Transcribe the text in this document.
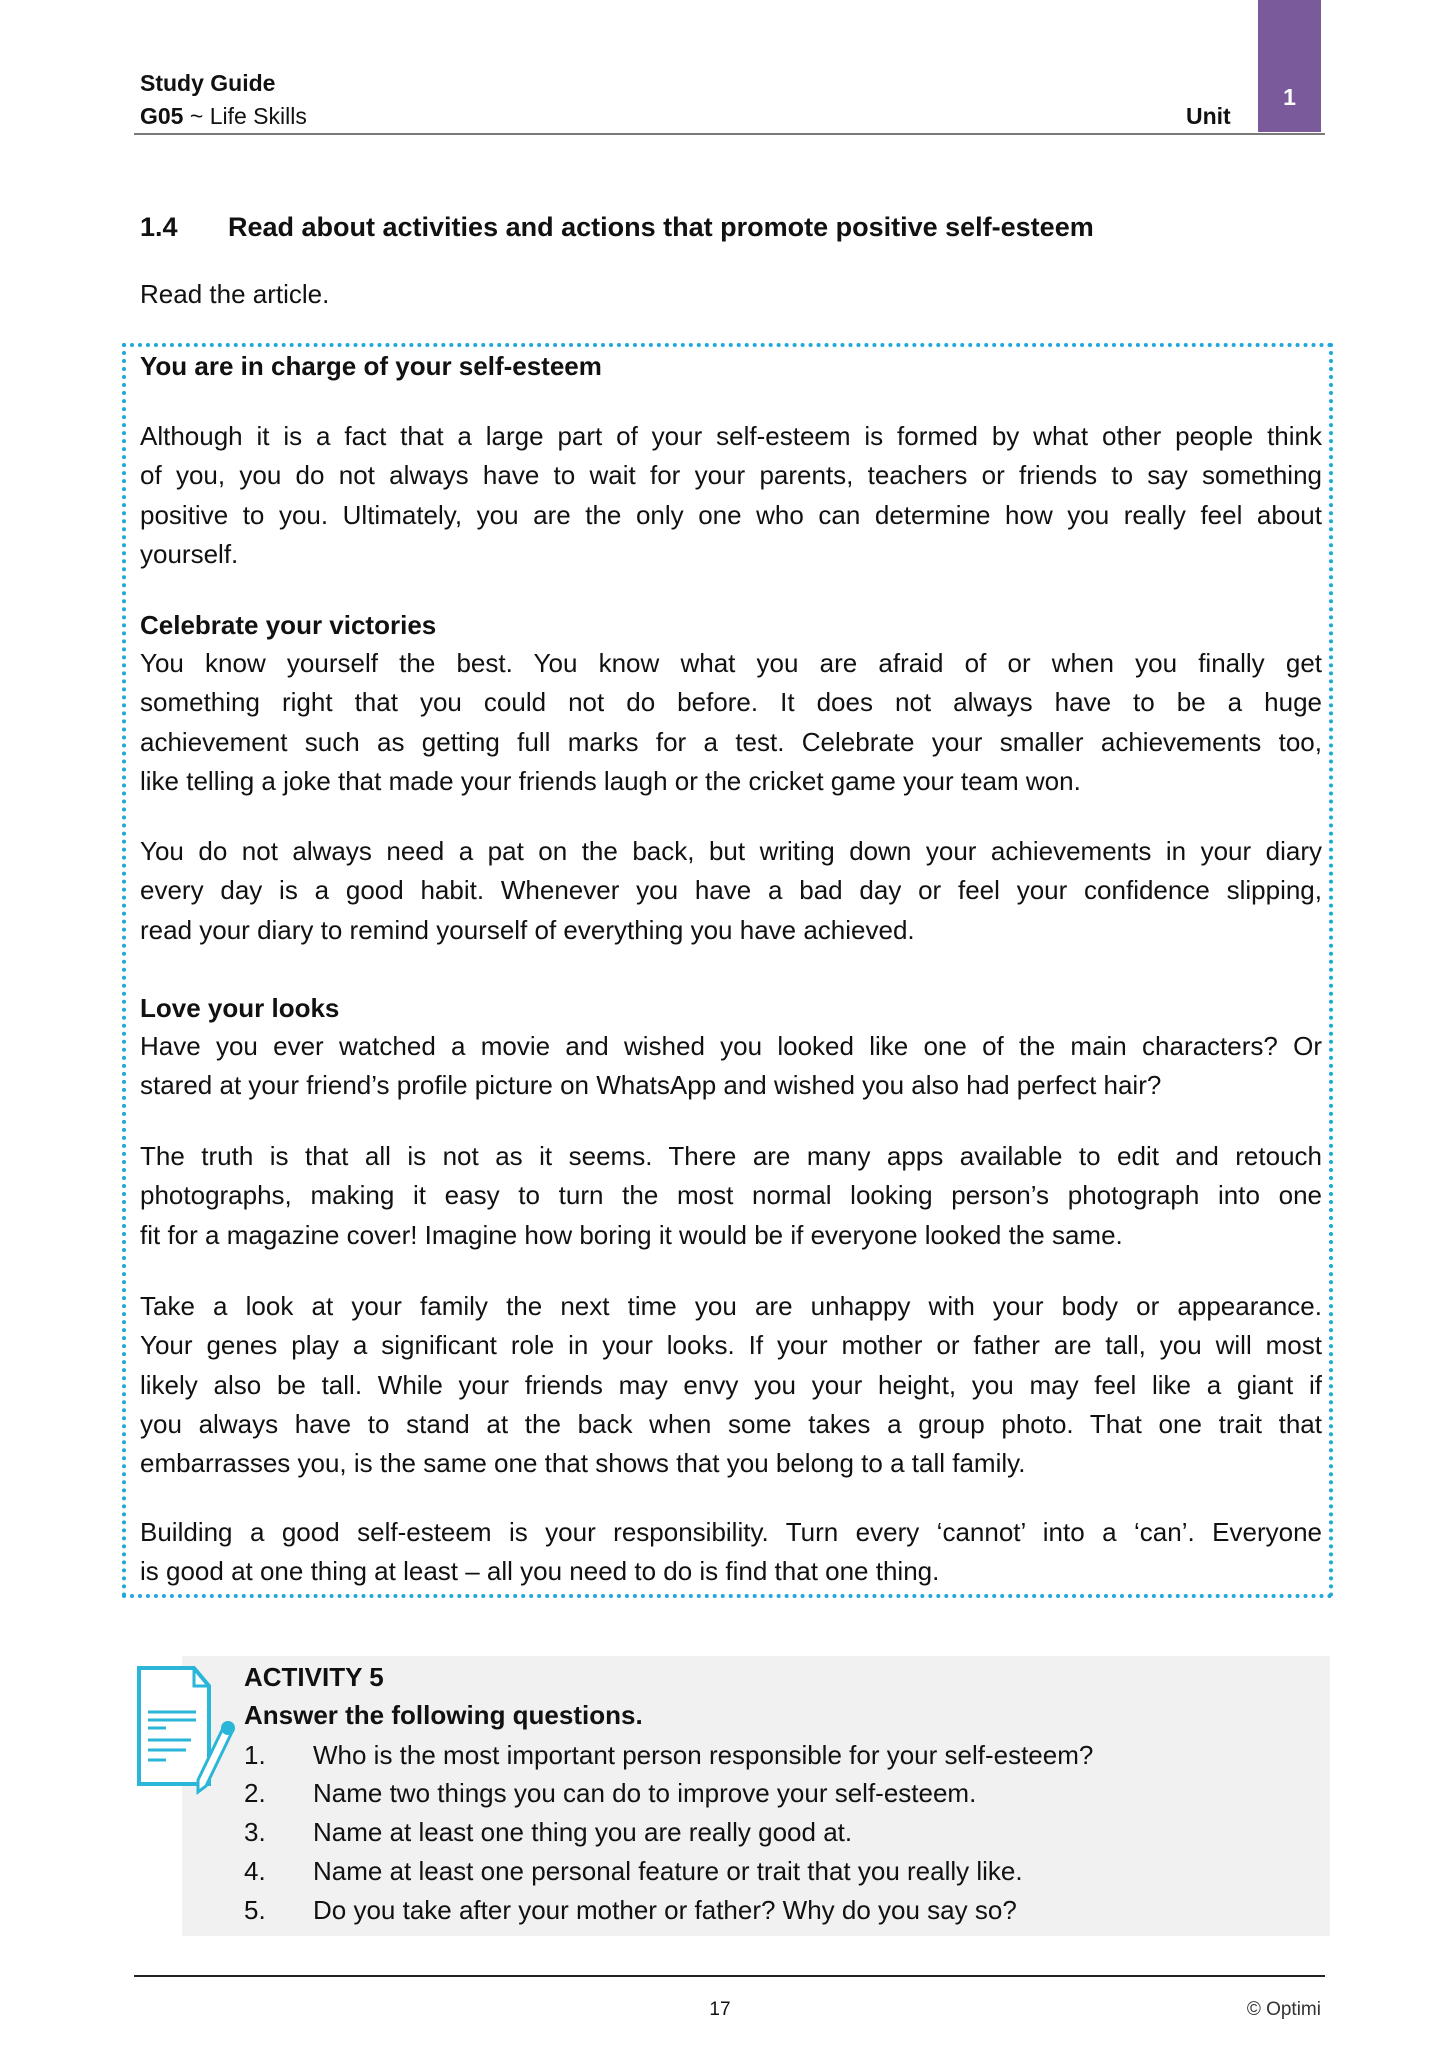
Study Guide
G05 ~ Life Skills	Unit
1
1.4 Read about activities and actions that promote positive self-esteem
Read the article.
You are in charge of your self-esteem
Although it is a fact that a large part of your self-esteem is formed by what other people think
of you, you do not always have to wait for your parents, teachers or friends to say something
positive to you. Ultimately, you are the only one who can determine how you really feel about
yourself.
Celebrate your victories
You know yourself the best. You know what you are afraid of or when you finally get
something right that you could not do before. It does not always have to be a huge
achievement such as getting full marks for a test. Celebrate your smaller achievements too,
like telling a joke that made your friends laugh or the cricket game your team won.
You do not always need a pat on the back, but writing down your achievements in your diary
every day is a good habit. Whenever you have a bad day or feel your confidence slipping,
read your diary to remind yourself of everything you have achieved.
Love your looks
Have you ever watched a movie and wished you looked like one of the main characters? Or
stared at your friend’s profile picture on WhatsApp and wished you also had perfect hair?
The truth is that all is not as it seems. There are many apps available to edit and retouch
photographs, making it easy to turn the most normal looking person’s photograph into one
fit for a magazine cover! Imagine how boring it would be if everyone looked the same.
Take a look at your family the next time you are unhappy with your body or appearance.
Your genes play a significant role in your looks. If your mother or father are tall, you will most
likely also be tall. While your friends may envy you your height, you may feel like a giant if
you always have to stand at the back when some takes a group photo. That one trait that
embarrasses you, is the same one that shows that you belong to a tall family.
Building a good self-esteem is your responsibility. Turn every ‘cannot’ into a ‘can’. Everyone
is good at one thing at least – all you need to do is find that one thing.
ACTIVITY 5
Answer the following questions.
1. Who is the most important person responsible for your self-esteem?
2. Name two things you can do to improve your self-esteem.
3. Name at least one thing you are really good at.
4. Name at least one personal feature or trait that you really like.
5. Do you take after your mother or father? Why do you say so?
17	© Optimi
